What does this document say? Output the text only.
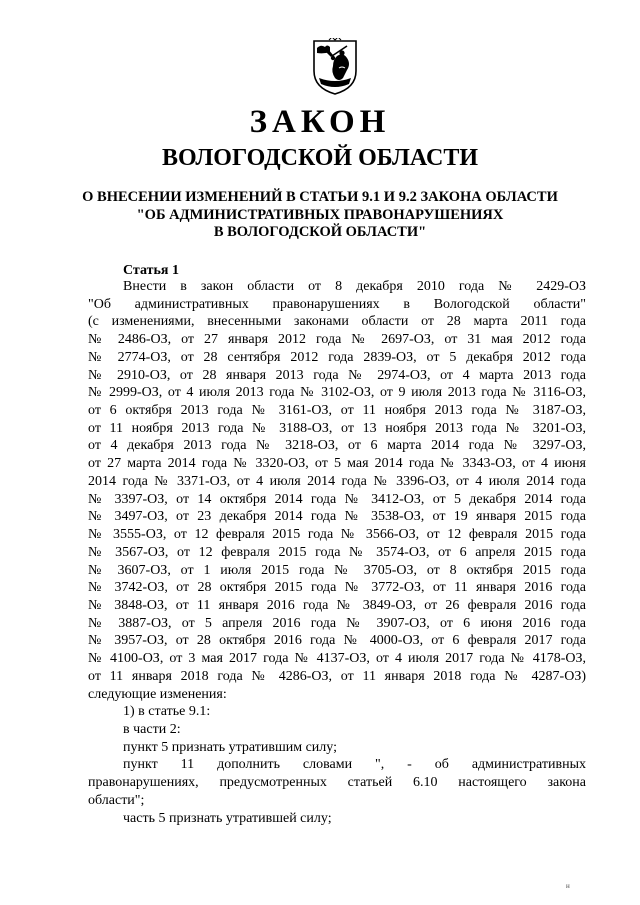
ЗАКОН
ВОЛОГОДСКОЙ ОБЛАСТИ
О ВНЕСЕНИИ ИЗМЕНЕНИЙ В СТАТЬИ 9.1 И 9.2 ЗАКОНА ОБЛАСТИ
"ОБ АДМИНИСТРАТИВНЫХ ПРАВОНАРУШЕНИЯХ
В ВОЛОГОДСКОЙ ОБЛАСТИ"
Статья 1
Внести в закон области от 8 декабря 2010 года № 2429-ОЗ
"Об административных правонарушениях в Вологодской области"
(с изменениями, внесенными законами области от 28 марта 2011 года
№ 2486-ОЗ, от 27 января 2012 года № 2697-ОЗ, от 31 мая 2012 года
№ 2774-ОЗ, от 28 сентября 2012 года 2839-ОЗ, от 5 декабря 2012 года
№ 2910-ОЗ, от 28 января 2013 года № 2974-ОЗ, от 4 марта 2013 года
№ 2999-ОЗ, от 4 июля 2013 года № 3102-ОЗ, от 9 июля 2013 года № 3116-ОЗ,
от 6 октября 2013 года № 3161-ОЗ, от 11 ноября 2013 года № 3187-ОЗ,
от 11 ноября 2013 года № 3188-ОЗ, от 13 ноября 2013 года № 3201-ОЗ,
от 4 декабря 2013 года № 3218-ОЗ, от 6 марта 2014 года № 3297-ОЗ,
от 27 марта 2014 года № 3320-ОЗ, от 5 мая 2014 года № 3343-ОЗ, от 4 июня
2014 года № 3371-ОЗ, от 4 июля 2014 года № 3396-ОЗ, от 4 июля 2014 года
№ 3397-ОЗ, от 14 октября 2014 года № 3412-ОЗ, от 5 декабря 2014 года
№ 3497-ОЗ, от 23 декабря 2014 года № 3538-ОЗ, от 19 января 2015 года
№ 3555-ОЗ, от 12 февраля 2015 года № 3566-ОЗ, от 12 февраля 2015 года
№ 3567-ОЗ, от 12 февраля 2015 года № 3574-ОЗ, от 6 апреля 2015 года
№ 3607-ОЗ, от 1 июля 2015 года № 3705-ОЗ, от 8 октября 2015 года
№ 3742-ОЗ, от 28 октября 2015 года № 3772-ОЗ, от 11 января 2016 года
№ 3848-ОЗ, от 11 января 2016 года № 3849-ОЗ, от 26 февраля 2016 года
№ 3887-ОЗ, от 5 апреля 2016 года № 3907-ОЗ, от 6 июня 2016 года
№ 3957-ОЗ, от 28 октября 2016 года № 4000-ОЗ, от 6 февраля 2017 года
№ 4100-ОЗ, от 3 мая 2017 года № 4137-ОЗ, от 4 июля 2017 года № 4178-ОЗ,
от 11 января 2018 года № 4286-ОЗ, от 11 января 2018 года № 4287-ОЗ)
следующие изменения:
1) в статье 9.1:
в части 2:
пункт 5 признать утратившим силу;
пункт 11 дополнить словами ", - об административных
правонарушениях, предусмотренных статьей 6.10 настоящего закона
области";
часть 5 признать утратившей силу;
н
